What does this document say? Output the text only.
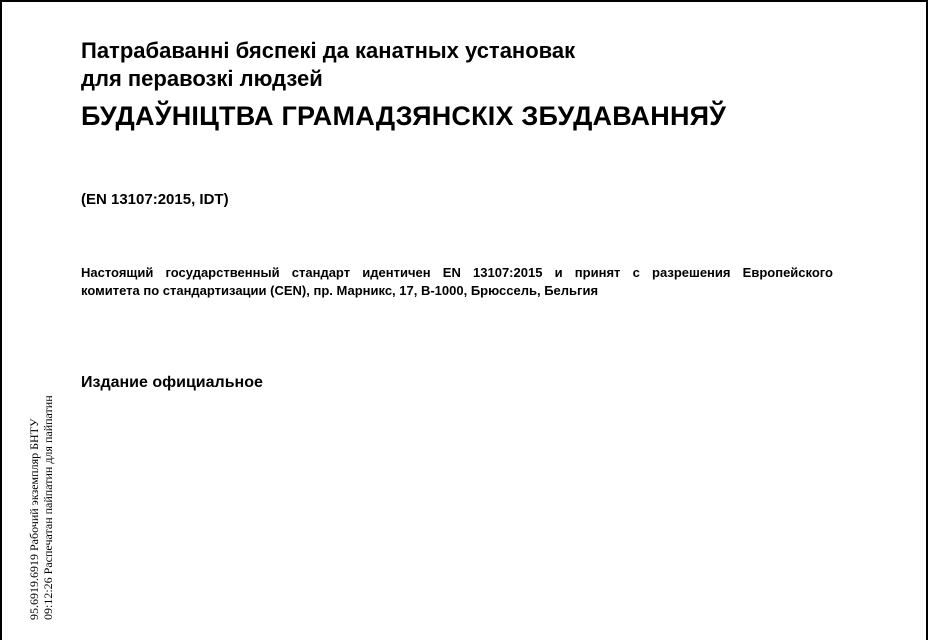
Патрабаванні бяспекі да канатных установак
для перавозкі людзей
БУДАЎНІЦТВА ГРАМАДЗЯНСКІХ ЗБУДАВАННЯЎ
(EN 13107:2015, IDT)
Настоящий государственный стандарт идентичен EN 13107:2015 и принят с разрешения Европейского
комитета по стандартизации (CEN), пр. Марникс, 17, B-1000, Брюссель, Бельгия
Издание официальное
95.6919.6919 Рабочий экземпляр БНТУ 09:12:26 Распечатан пайпатин для пайпатин
